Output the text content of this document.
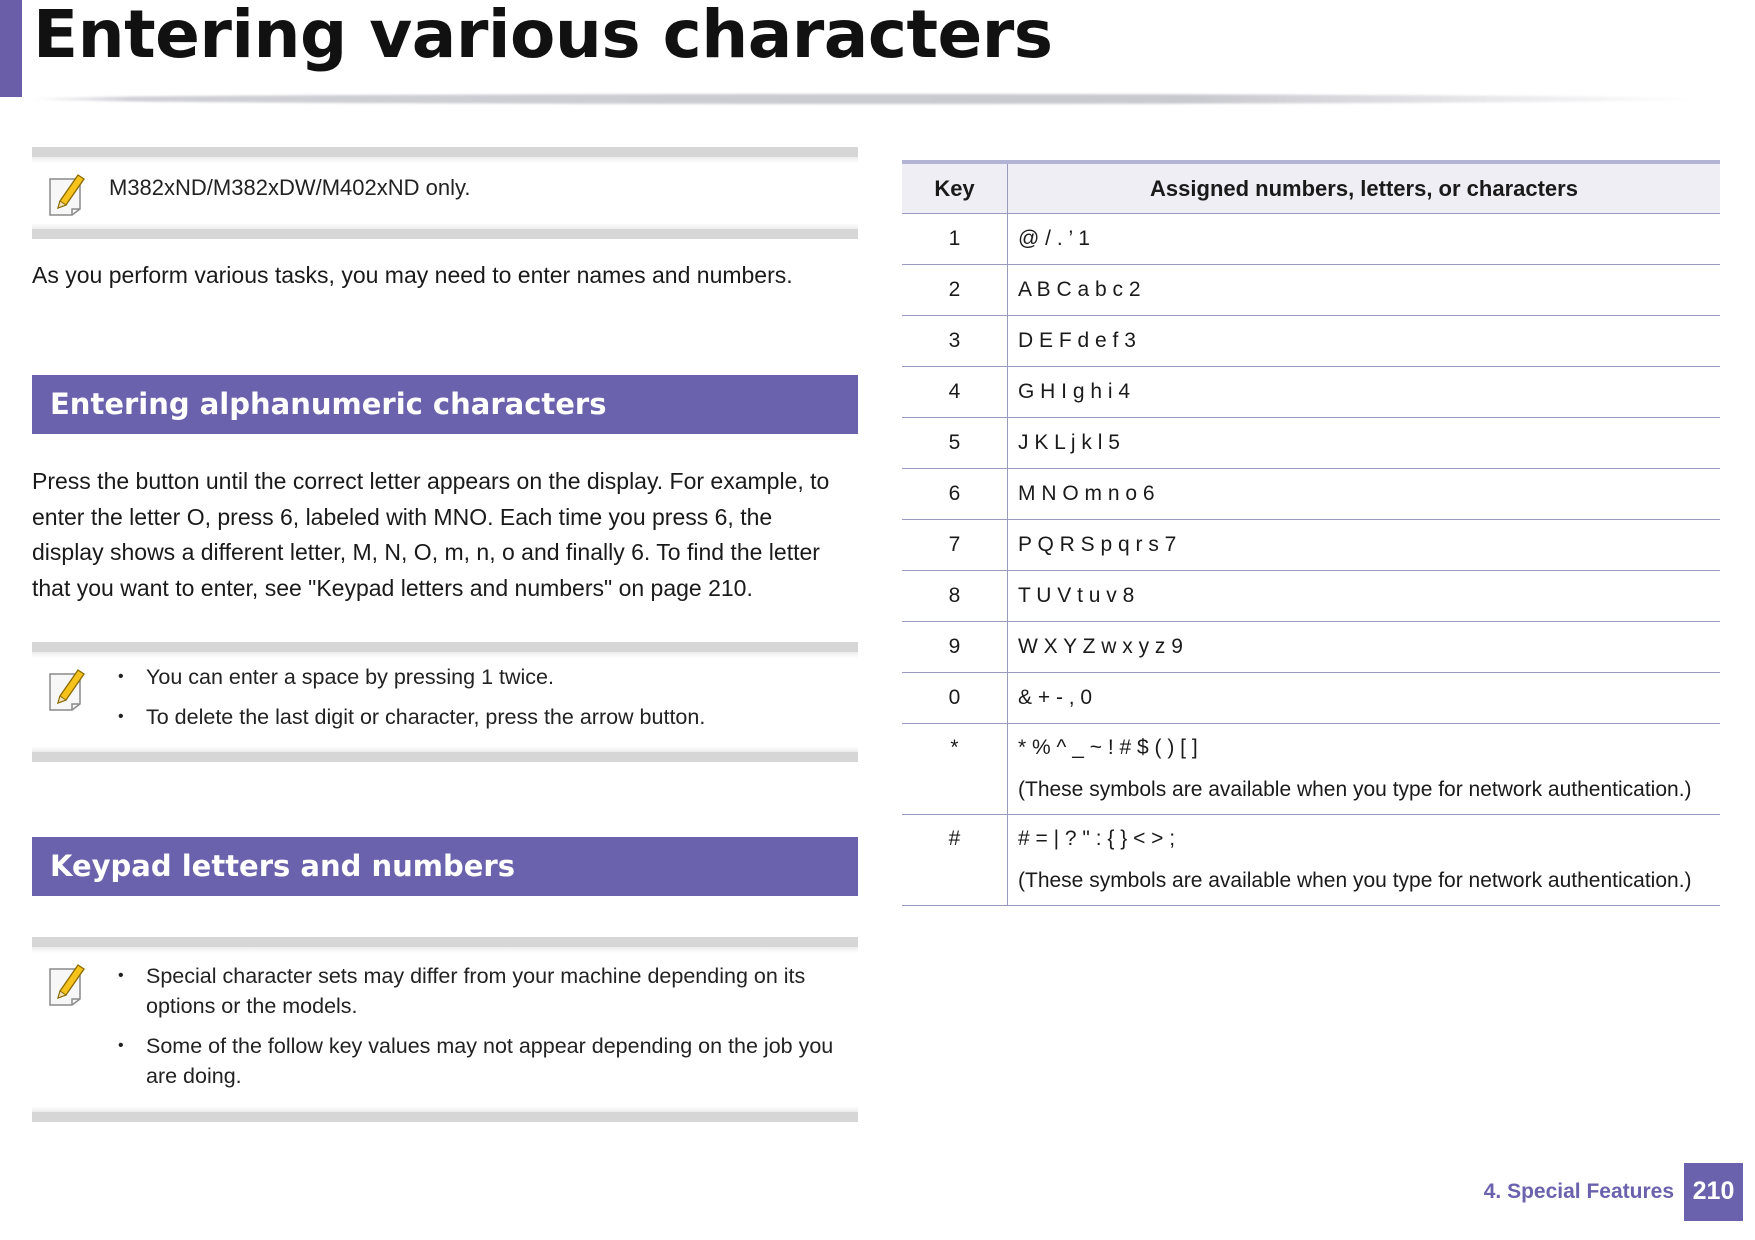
Entering various characters
M382xND/M382xDW/M402xND only.

As you perform various tasks, you may need to enter names and numbers.

Entering alphanumeric characters

Press the button until the correct letter appears on the display. For example, to enter the letter O, press 6, labeled with MNO. Each time you press 6, the display shows a different letter, M, N, O, m, n, o and finally 6. To find the letter that you want to enter, see "Keypad letters and numbers" on page 210.

• You can enter a space by pressing 1 twice.
• To delete the last digit or character, press the arrow button.
Keypad letters and numbers
• Special character sets may differ from your machine depending on its options or the models.
• Some of the follow key values may not appear depending on the job you are doing.
Key	Assigned numbers, letters, or characters
1	@ / . ’ 1
2	A B C a b c 2
3	D E F d e f 3
4	G H I g h i 4
5	J K L j k l 5
6	M N O m n o 6
7	P Q R S p q r s 7
8	T U V t u v 8
9	W X Y Z w x y z 9
0	& + - , 0
*	* % ^ _ ~ ! # $ ( ) [ ]
(These symbols are available when you type for network authentication.)

#	# = | ? " : { } < > ;
(These symbols are available when you type for network authentication.)
4. Special Features 210
